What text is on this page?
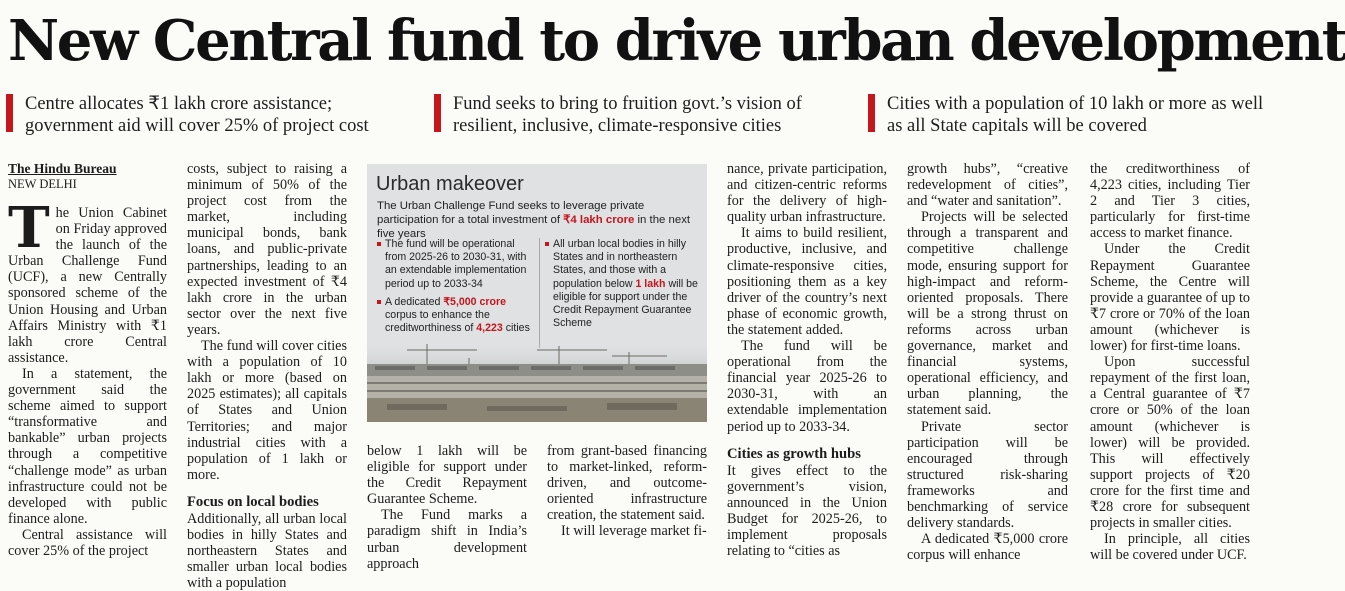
New Central fund to drive urban development
Centre allocates ₹1 lakh crore assistance; government aid will cover 25% of project cost
Fund seeks to bring to fruition govt.’s vision of resilient, inclusive, climate-responsive cities
Cities with a population of 10 lakh or more as well as all State capitals will be covered
The Hindu Bureau
NEW DELHI

The Union Cabinet on Friday approved the launch of the Urban Challenge Fund (UCF), a new Centrally sponsored scheme of the Union Housing and Urban Affairs Ministry with ₹1 lakh crore Central assistance.

In a statement, the government said the scheme aimed to support “transformative and bankable” urban projects through a competitive “challenge mode” as urban infrastructure could not be developed with public finance alone.

Central assistance will cover 25% of the project

costs, subject to raising a minimum of 50% of the project cost from the market, including municipal bonds, bank loans, and public-private partnerships, leading to an expected investment of ₹4 lakh crore in the urban sector over the next five years.

The fund will cover cities with a population of 10 lakh or more (based on 2025 estimates); all capitals of States and Union Territories; and major industrial cities with a population of 1 lakh or more.

Focus on local bodies

Additionally, all urban local bodies in hilly States and northeastern States and smaller urban local bodies with a population

Urban makeover
The Urban Challenge Fund seeks to leverage private participation for a total investment of ₹4 lakh crore in the next five years
The fund will be operational from 2025-26 to 2030-31, with an extendable implementation period up to 2033-34
A dedicated ₹5,000 crore corpus to enhance the creditworthiness of 4,223 cities
All urban local bodies in hilly States and in northeastern States, and those with a population below 1 lakh will be eligible for support under the Credit Repayment Guarantee Scheme

below 1 lakh will be eligible for support under the Credit Repayment Guarantee Scheme.

The Fund marks a paradigm shift in India’s urban development approach

from grant-based financing to market-linked, reform-driven, and outcome-oriented infrastructure creation, the statement said.

It will leverage market fi-

nance, private participation, and citizen-centric reforms for the delivery of high-quality urban infrastructure.

It aims to build resilient, productive, inclusive, and climate-responsive cities, positioning them as a key driver of the country’s next phase of economic growth, the statement added.

The fund will be operational from the financial year 2025-26 to 2030-31, with an extendable implementation period up to 2033-34.

Cities as growth hubs

It gives effect to the government’s vision, announced in the Union Budget for 2025-26, to implement proposals relating to “cities as

growth hubs”, “creative redevelopment of cities”, and “water and sanitation”.

Projects will be selected through a transparent and competitive challenge mode, ensuring support for high-impact and reform-oriented proposals. There will be a strong thrust on reforms across urban governance, market and financial systems, operational efficiency, and urban planning, the statement said.

Private sector participation will be encouraged through structured risk-sharing frameworks and benchmarking of service delivery standards.

A dedicated ₹5,000 crore corpus will enhance

the creditworthiness of 4,223 cities, including Tier 2 and Tier 3 cities, particularly for first-time access to market finance.

Under the Credit Repayment Guarantee Scheme, the Centre will provide a guarantee of up to ₹7 crore or 70% of the loan amount (whichever is lower) for first-time loans.

Upon successful repayment of the first loan, a Central guarantee of ₹7 crore or 50% of the loan amount (whichever is lower) will be provided. This will effectively support projects of ₹20 crore for the first time and ₹28 crore for subsequent projects in smaller cities.

In principle, all cities will be covered under UCF.
